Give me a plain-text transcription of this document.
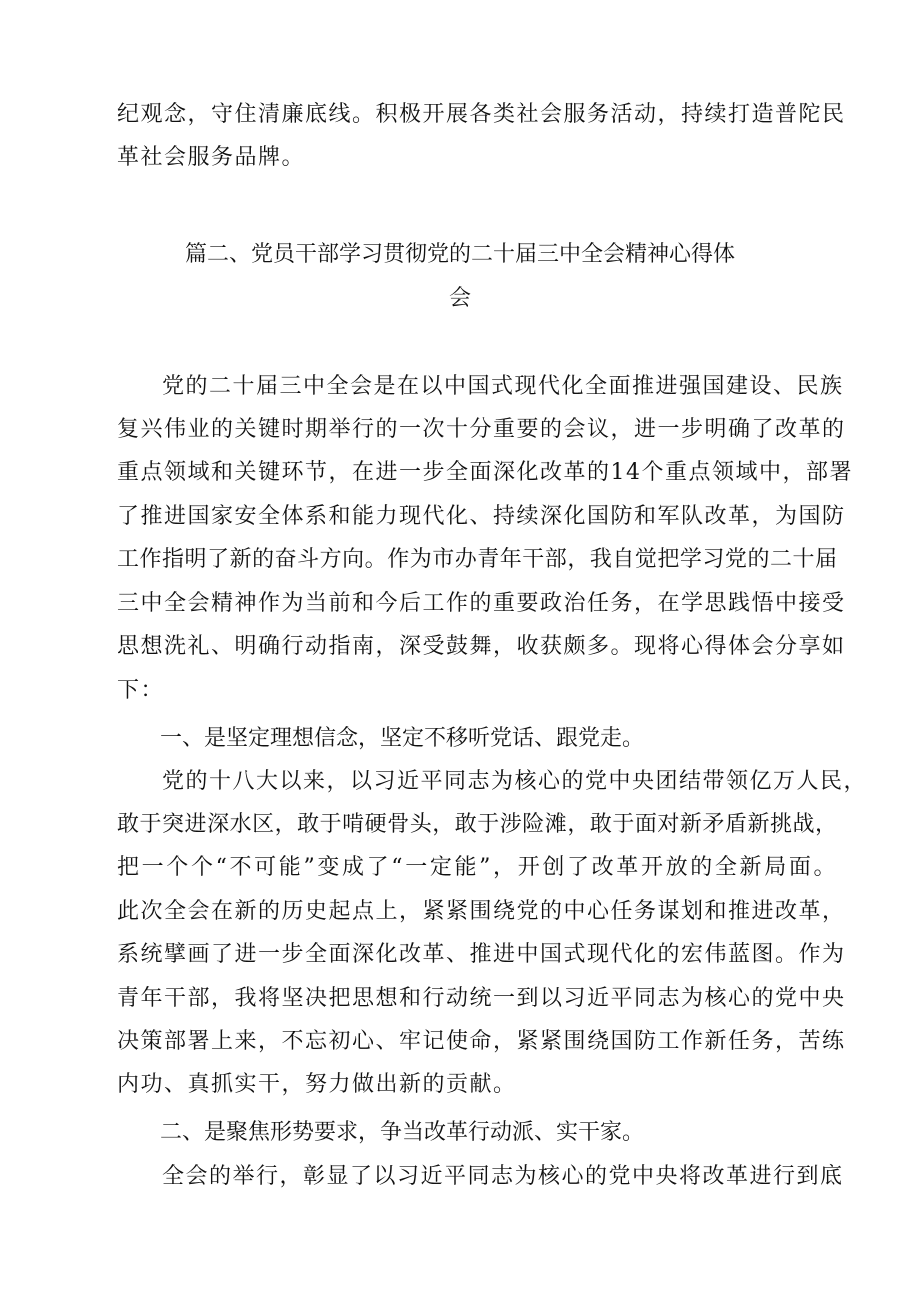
纪观念，守住清廉底线。积极开展各类社会服务活动，持续打造普陀民
革社会服务品牌。
篇二、党员干部学习贯彻党的二十届三中全会精神心得体
会
党的二十届三中全会是在以中国式现代化全面推进强国建设、民族
复兴伟业的关键时期举行的一次十分重要的会议，进一步明确了改革的
重点领域和关键环节，在进一步全面深化改革的14个重点领域中，部署
了推进国家安全体系和能力现代化、持续深化国防和军队改革，为国防
工作指明了新的奋斗方向。作为市办青年干部，我自觉把学习党的二十届
三中全会精神作为当前和今后工作的重要政治任务，在学思践悟中接受
思想洗礼、明确行动指南，深受鼓舞，收获颇多。现将心得体会分享如
下：
一、是坚定理想信念，坚定不移听党话、跟党走。
党的十八大以来，以习近平同志为核心的党中央团结带领亿万人民，
敢于突进深水区，敢于啃硬骨头，敢于涉险滩，敢于面对新矛盾新挑战，
把一个个“不可能”变成了“一定能”，开创了改革开放的全新局面。
此次全会在新的历史起点上，紧紧围绕党的中心任务谋划和推进改革，
系统擘画了进一步全面深化改革、推进中国式现代化的宏伟蓝图。作为
青年干部，我将坚决把思想和行动统一到以习近平同志为核心的党中央
决策部署上来，不忘初心、牢记使命，紧紧围绕国防工作新任务，苦练
内功、真抓实干，努力做出新的贡献。
二、是聚焦形势要求，争当改革行动派、实干家。
全会的举行，彰显了以习近平同志为核心的党中央将改革进行到底
